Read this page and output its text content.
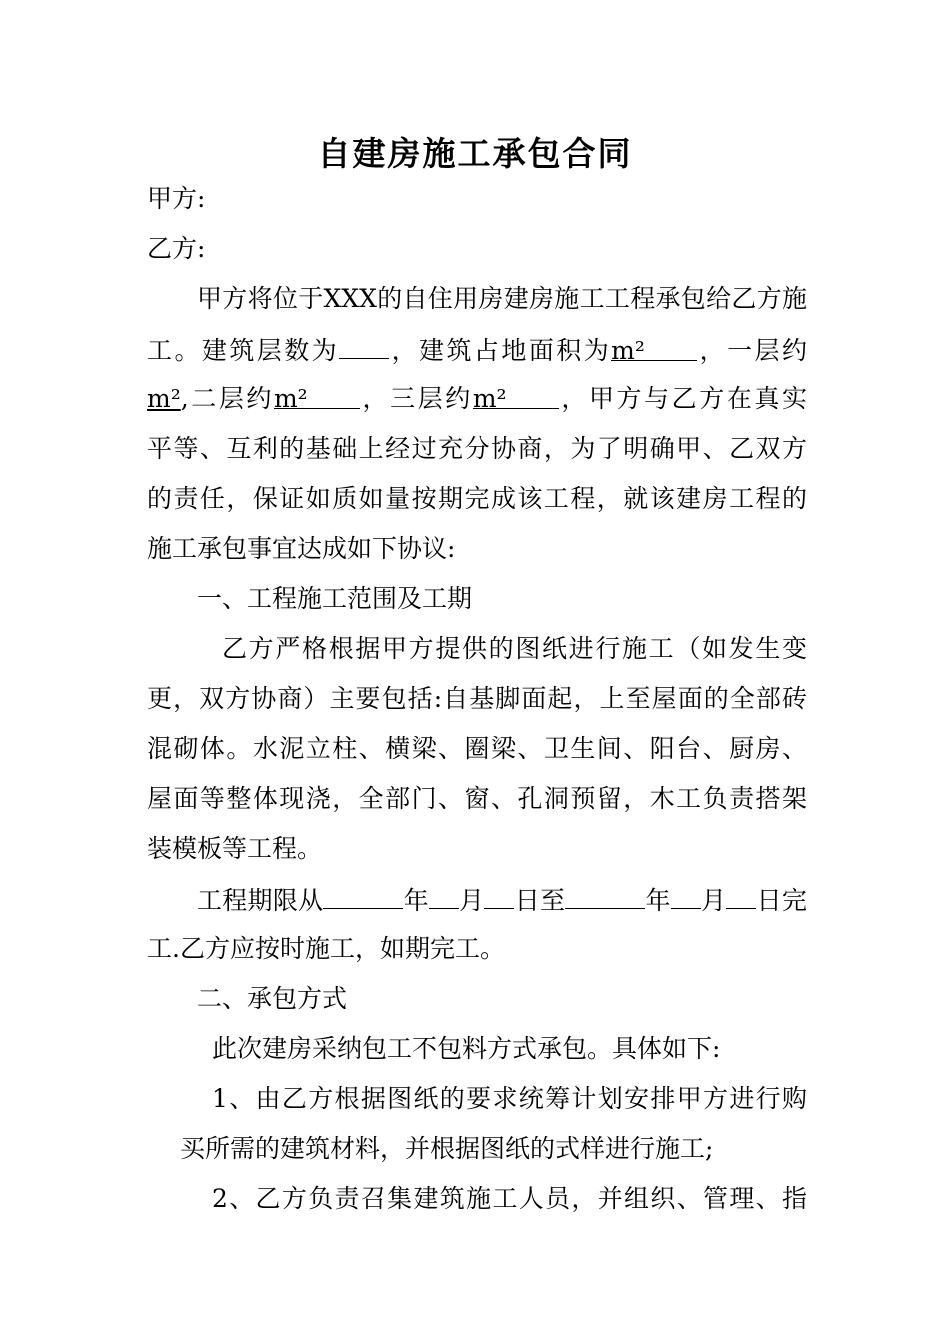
自建房施工承包合同
甲方:
乙方:
甲方将位于XXX的自住用房建房施工工程承包给乙方施
工。建筑层数为 ，建筑占地面积为m² ，一层约
m²,二层约m² ，三层约m² ，甲方与乙方在真实
平等、互利的基础上经过充分协商，为了明确甲、乙双方
的责任，保证如质如量按期完成该工程，就该建房工程的
施工承包事宜达成如下协议:
一、工程施工范围及工期
乙方严格根据甲方提供的图纸进行施工（如发生变
更，双方协商）主要包括:自基脚面起，上至屋面的全部砖
混砌体。水泥立柱、横梁、圈梁、卫生间、阳台、厨房、
屋面等整体现浇，全部门、窗、孔洞预留，木工负责搭架
装模板等工程。
工程期限从	年 月 日至	年 月 日完
工.乙方应按时施工，如期完工。
二、承包方式
此次建房采纳包工不包料方式承包。具体如下:
1、由乙方根据图纸的要求统筹计划安排甲方进行购
买所需的建筑材料，并根据图纸的式样进行施工;
2、乙方负责召集建筑施工人员，并组织、管理、指
